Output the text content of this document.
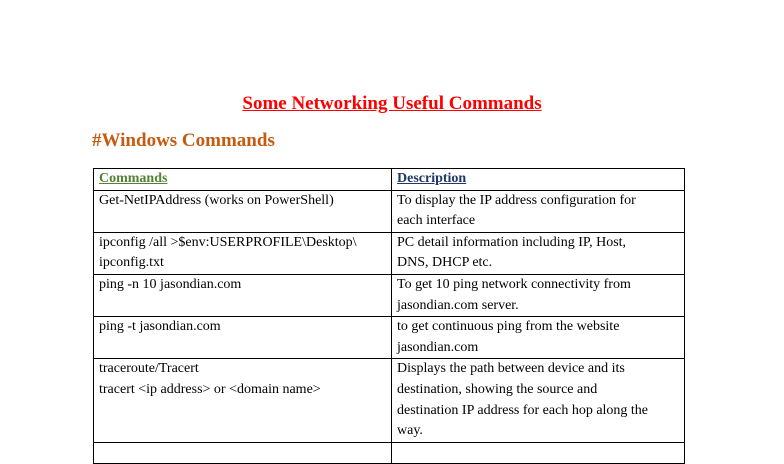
Some Networking Useful Commands
#Windows Commands
Commands	Description

Get-NetIPAddress (works on PowerShell)	To display the IP address configuration for
each interface

ipconfig /all >$env:USERPROFILE\Desktop\
ipconfig.txt	PC detail information including IP, Host,
DNS, DHCP etc.

ping -n 10 jasondian.com	To get 10 ping network connectivity from
jasondian.com server.

ping -t jasondian.com	to get continuous ping from the website
jasondian.com

traceroute/Tracert
tracert <ip address> or <domain name>	Displays the path between device and its
destination, showing the source and
destination IP address for each hop along the
way.
